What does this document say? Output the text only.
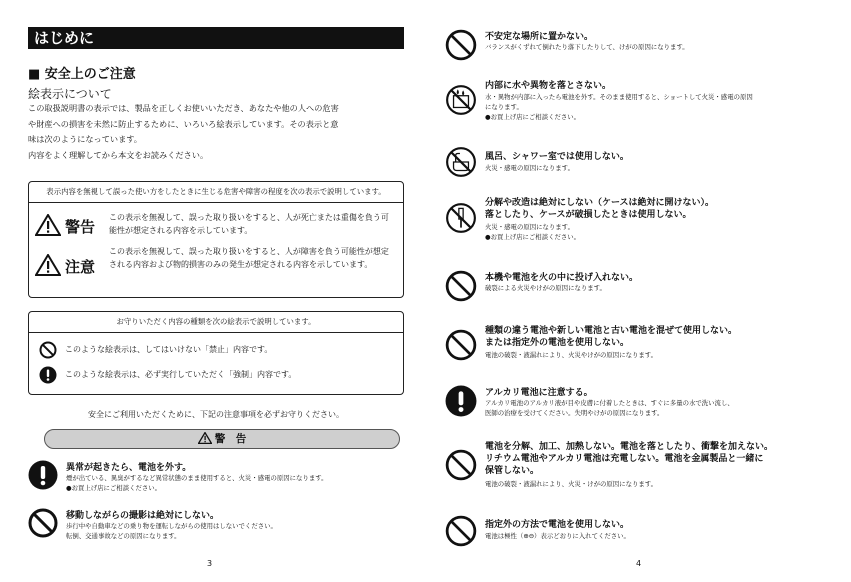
はじめに
■ 安全上のご注意
絵表示について

この取扱説明書の表示では、製品を正しくお使いいただき、あなたや他の人への危害

や財産への損害を未然に防止するために、いろいろ絵表示しています。その表示と意

味は次のようになっています。

内容をよく理解してから本文をお読みください。

表示内容を無視して誤った使い方をしたときに生じる危害や障害の程度を次の表示で説明しています。
警告
この表示を無視して、誤った取り扱いをすると、人が死亡または重傷を負う可能性が想定される内容を示しています。
注意
この表示を無視して、誤った取り扱いをすると、人が障害を負う可能性が想定される内容および物的損害のみの発生が想定される内容を示しています。
お守りいただく内容の種類を次の絵表示で説明しています。
このような絵表示は、してはいけない「禁止」内容です。
このような絵表示は、必ず実行していただく「強制」内容です。
安全にご利用いただくために、下記の注意事項を必ずお守りください。
警　告
異常が起きたら、電池を外す。
煙が出ている、異臭がするなど異常状態のまま使用すると、火災・感電の原因になります。
●お買上げ店にご相談ください。
移動しながらの撮影は絶対にしない。
歩行中や自動車などの乗り物を運転しながらの使用はしないでください。
転倒、交通事故などの原因になります。
3
不安定な場所に置かない。
バランスがくずれて倒れたり落下したりして、けがの原因になります。
内部に水や異物を落とさない。
水・異物が内部に入ったら電池を外す。そのまま使用すると、ショートして火災・感電の原因
になります。
●お買上げ店にご相談ください。
風呂、シャワー室では使用しない。
火災・感電の原因になります。
分解や改造は絶対にしない（ケースは絶対に開けない）。
落としたり、ケースが破損したときは使用しない。
火災・感電の原因になります。
●お買上げ店にご相談ください。
本機や電池を火の中に投げ入れない。
破裂による火災やけがの原因になります。
種類の違う電池や新しい電池と古い電池を混ぜて使用しない。
または指定外の電池を使用しない。
電池の破裂・液漏れにより、火災やけがの原因になります。
アルカリ電池に注意する。
アルカリ電池のアルカリ液が目や皮膚に付着したときは、すぐに多量の水で洗い流し、
医師の治療を受けてください。失明やけがの原因になります。
電池を分解、加工、加熱しない。電池を落としたり、衝撃を加えない。
リチウム電池やアルカリ電池は充電しない。電池を金属製品と一緒に
保管しない。
電池の破裂・液漏れにより、火災・けがの原因になります。
指定外の方法で電池を使用しない。
電池は極性（⊕⊖）表示どおりに入れてください。
4
